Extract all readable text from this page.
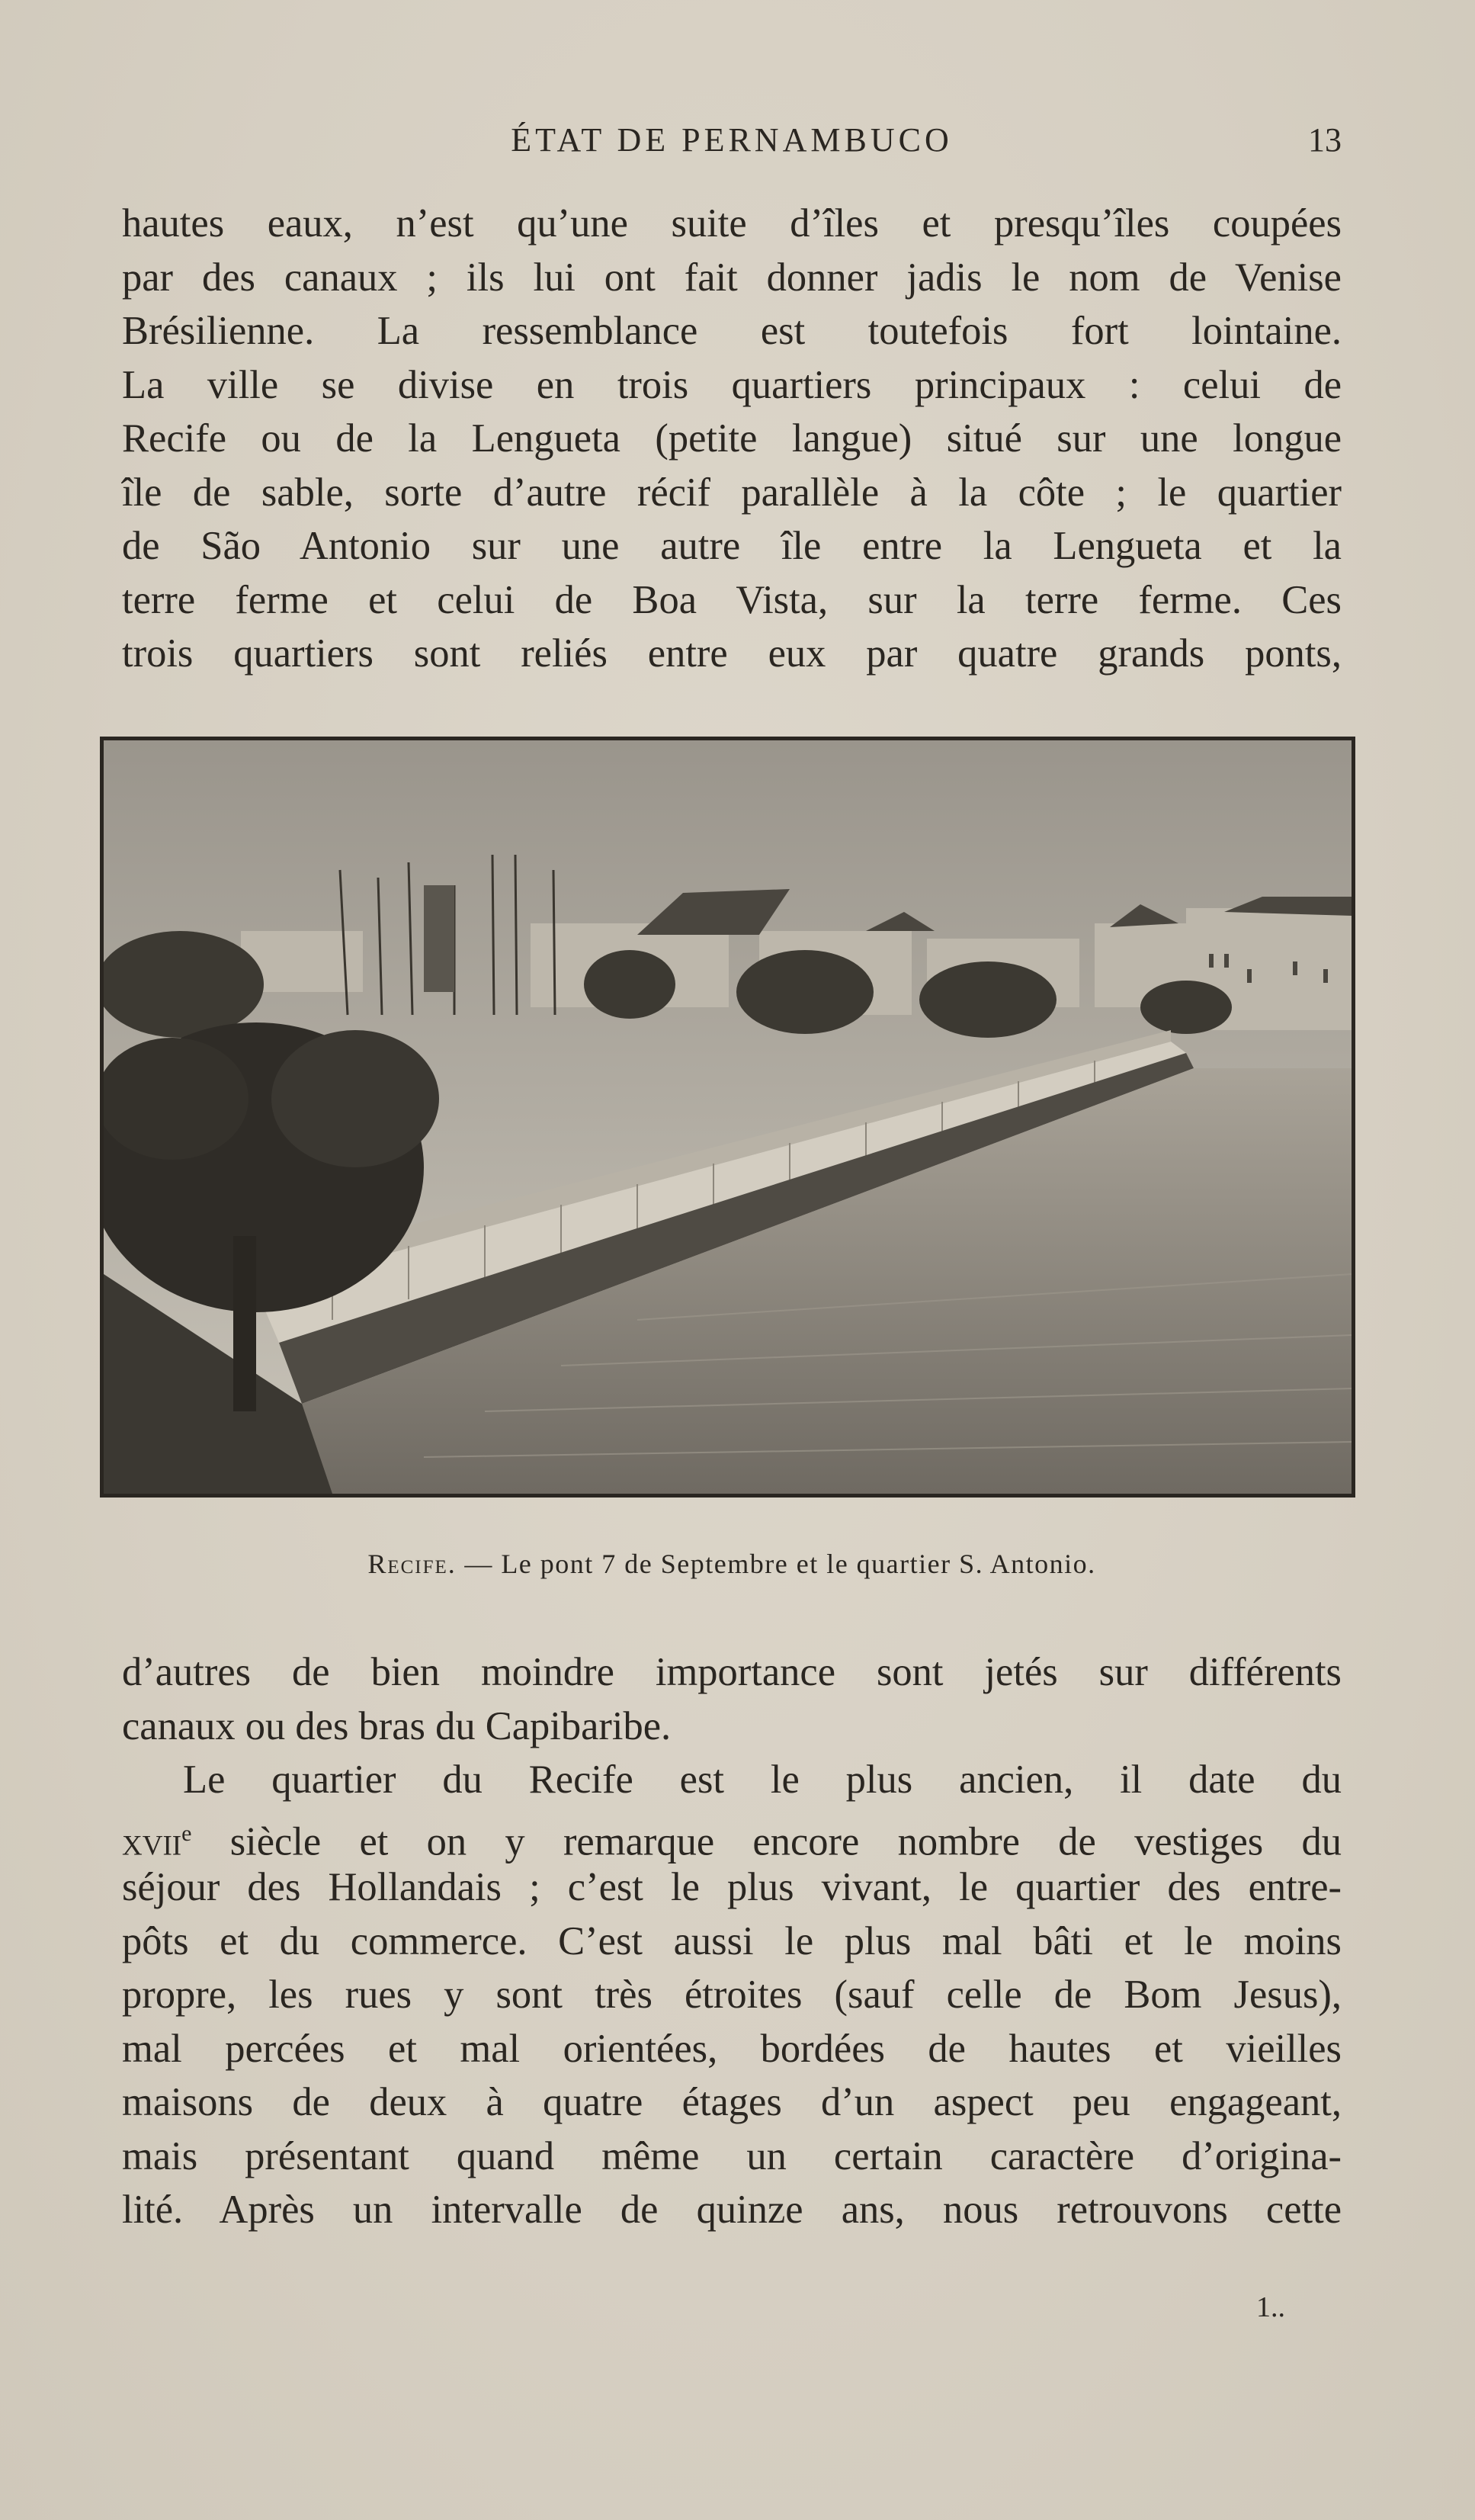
ÉTAT DE PERNAMBUCO	13
hautes eaux, n’est qu’une suite d’îles et presqu’îles coupées
par des canaux ; ils lui ont fait donner jadis le nom de Venise
Brésilienne. La ressemblance est toutefois fort lointaine.
La ville se divise en trois quartiers principaux : celui de
Recife ou de la Lengueta (petite langue) situé sur une longue
île de sable, sorte d’autre récif parallèle à la côte ; le quartier
de São Antonio sur une autre île entre la Lengueta et la
terre ferme et celui de Boa Vista, sur la terre ferme. Ces
trois quartiers sont reliés entre eux par quatre grands ponts,
Recife. — Le pont 7 de Septembre et le quartier S. Antonio.
d’autres de bien moindre importance sont jetés sur différents
canaux ou des bras du Capibaribe.
Le quartier du Recife est le plus ancien, il date du
xvii$^e$ siècle et on y remarque encore nombre de vestiges du
séjour des Hollandais ; c’est le plus vivant, le quartier des entre-
pôts et du commerce. C’est aussi le plus mal bâti et le moins
propre, les rues y sont très étroites (sauf celle de Bom Jesus),
mal percées et mal orientées, bordées de hautes et vieilles
maisons de deux à quatre étages d’un aspect peu engageant,
mais présentant quand même un certain caractère d’origina-
lité. Après un intervalle de quinze ans, nous retrouvons cette
1..
